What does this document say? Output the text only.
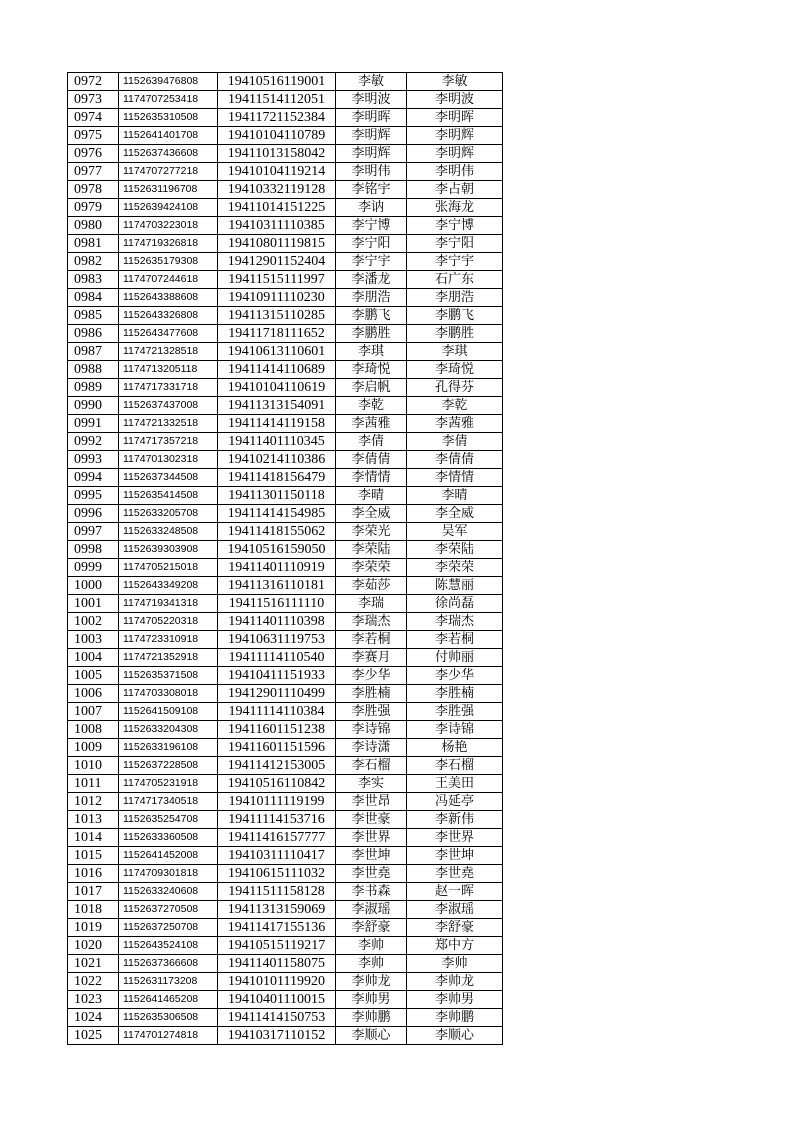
0972	1152639476808	19410516119001	李敏	李敏
0973	1174707253418	19411514112051	李明波	李明波
0974	1152635310508	19411721152384	李明晖	李明晖
0975	1152641401708	19410104110789	李明辉	李明辉
0976	1152637436608	19411013158042	李明辉	李明辉
0977	1174707277218	19410104119214	李明伟	李明伟
0978	1152631196708	19410332119128	李铭宇	李占朝
0979	1152639424108	19411014151225	李讷	张海龙
0980	1174703223018	19410311110385	李宁博	李宁博
0981	1174719326818	19410801119815	李宁阳	李宁阳
0982	1152635179308	19412901152404	李宁宇	李宁宇
0983	1174707244618	19411515111997	李潘龙	石广东
0984	1152643388608	19410911110230	李朋浩	李朋浩
0985	1152643326808	19411315110285	李鹏飞	李鹏飞
0986	1152643477608	19411718111652	李鹏胜	李鹏胜
0987	1174721328518	19410613110601	李琪	李琪
0988	1174713205118	19411414110689	李琦悦	李琦悦
0989	1174717331718	19410104110619	李启帆	孔得芬
0990	1152637437008	19411313154091	李乾	李乾
0991	1174721332518	19411414119158	李茜雅	李茜雅
0992	1174717357218	19411401110345	李倩	李倩
0993	1174701302318	19410214110386	李倩倩	李倩倩
0994	1152637344508	19411418156479	李情情	李情情
0995	1152635414508	19411301150118	李晴	李晴
0996	1152633205708	19411414154985	李全威	李全威
0997	1152633248508	19411418155062	李荣光	吴军
0998	1152639303908	19410516159050	李荣陆	李荣陆
0999	1174705215018	19411401110919	李荣荣	李荣荣
1000	1152643349208	19411316110181	李茹莎	陈慧丽
1001	1174719341318	19411516111110	李瑞	徐尚磊
1002	1174705220318	19411401110398	李瑞杰	李瑞杰
1003	1174723310918	19410631119753	李若桐	李若桐
1004	1174721352918	19411114110540	李赛月	付帅丽
1005	1152635371508	19410411151933	李少华	李少华
1006	1174703308018	19412901110499	李胜楠	李胜楠
1007	1152641509108	19411114110384	李胜强	李胜强
1008	1152633204308	19411601151238	李诗锦	李诗锦
1009	1152633196108	19411601151596	李诗潇	杨艳
1010	1152637228508	19411412153005	李石榴	李石榴
1011	1174705231918	19410516110842	李实	王美田
1012	1174717340518	19410111119199	李世昂	冯延亭
1013	1152635254708	19411114153716	李世豪	李新伟
1014	1152633360508	19411416157777	李世界	李世界
1015	1152641452008	19410311110417	李世坤	李世坤
1016	1174709301818	19410615111032	李世堯	李世堯
1017	1152633240608	19411511158128	李书森	赵一晖
1018	1152637270508	19411313159069	李淑瑶	李淑瑶
1019	1152637250708	19411417155136	李舒豪	李舒豪
1020	1152643524108	19410515119217	李帅	郑中方
1021	1152637366608	19411401158075	李帅	李帅
1022	1152631173208	19410101119920	李帅龙	李帅龙
1023	1152641465208	19410401110015	李帅男	李帅男
1024	1152635306508	19411414150753	李帅鹏	李帅鹏
1025	1174701274818	19410317110152	李顺心	李顺心
